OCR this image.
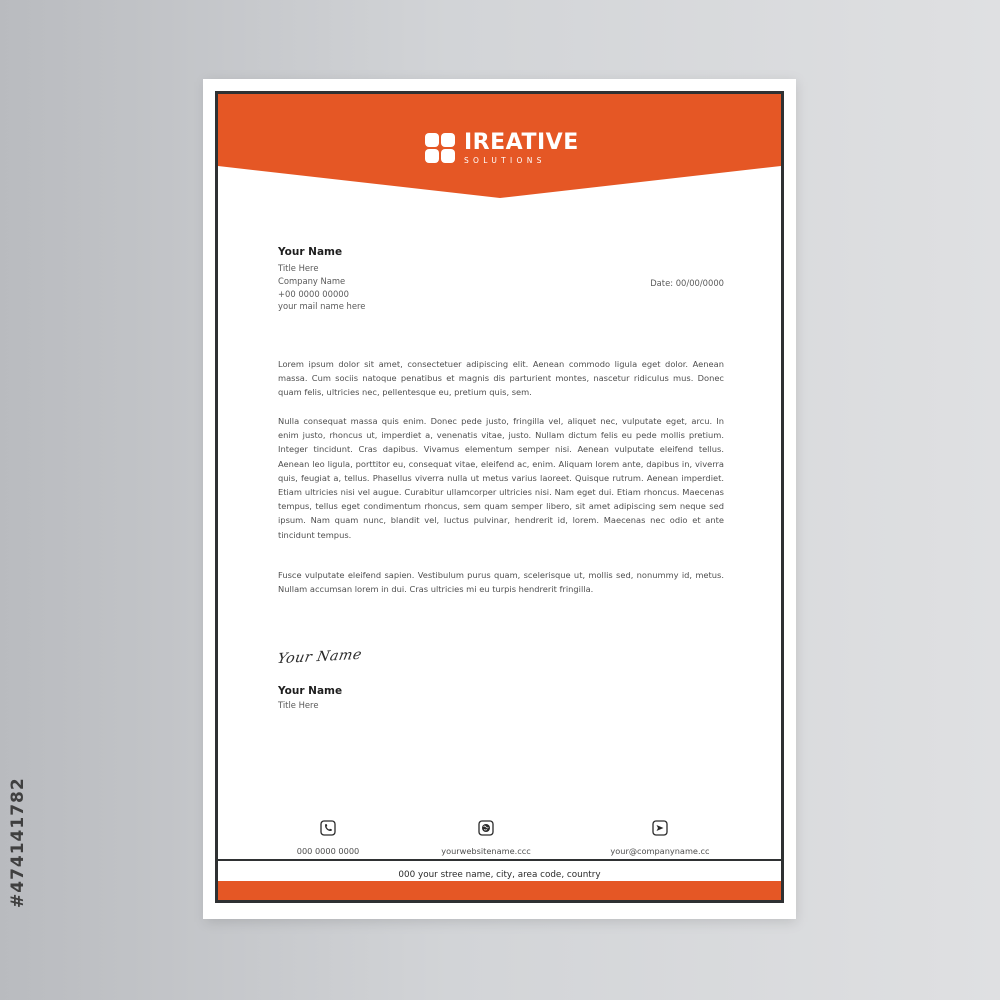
IREATIVE
SOLUTIONS
Your Name
Title Here
Company Name
+00 0000 00000
your mail name here
Date: 00/00/0000
Lorem ipsum dolor sit amet, consectetuer adipiscing elit. Aenean commodo ligula eget dolor. Aenean massa. Cum sociis natoque penatibus et magnis dis parturient montes, nascetur ridiculus mus. Donec quam felis, ultricies nec, pellentesque eu, pretium quis, sem.
Nulla consequat massa quis enim. Donec pede justo, fringilla vel, aliquet nec, vulputate eget, arcu. In enim justo, rhoncus ut, imperdiet a, venenatis vitae, justo. Nullam dictum felis eu pede mollis pretium. Integer tincidunt. Cras dapibus. Vivamus elementum semper nisi. Aenean vulputate eleifend tellus. Aenean leo ligula, porttitor eu, consequat vitae, eleifend ac, enim. Aliquam lorem ante, dapibus in, viverra quis, feugiat a, tellus. Phasellus viverra nulla ut metus varius laoreet. Quisque rutrum. Aenean imperdiet. Etiam ultricies nisi vel augue. Curabitur ullamcorper ultricies nisi. Nam eget dui. Etiam rhoncus. Maecenas tempus, tellus eget condimentum rhoncus, sem quam semper libero, sit amet adipiscing sem neque sed ipsum. Nam quam nunc, blandit vel, luctus pulvinar, hendrerit id, lorem. Maecenas nec odio et ante tincidunt tempus.
Fusce vulputate eleifend sapien. Vestibulum purus quam, scelerisque ut, mollis sed, nonummy id, metus. Nullam accumsan lorem in dui. Cras ultricies mi eu turpis hendrerit fringilla.
Your Name
Your Name
Title Here
000 0000 0000	yourwebsitename.ccc	your@companyname.cc
000 your stree name, city, area code, country
#474141782
